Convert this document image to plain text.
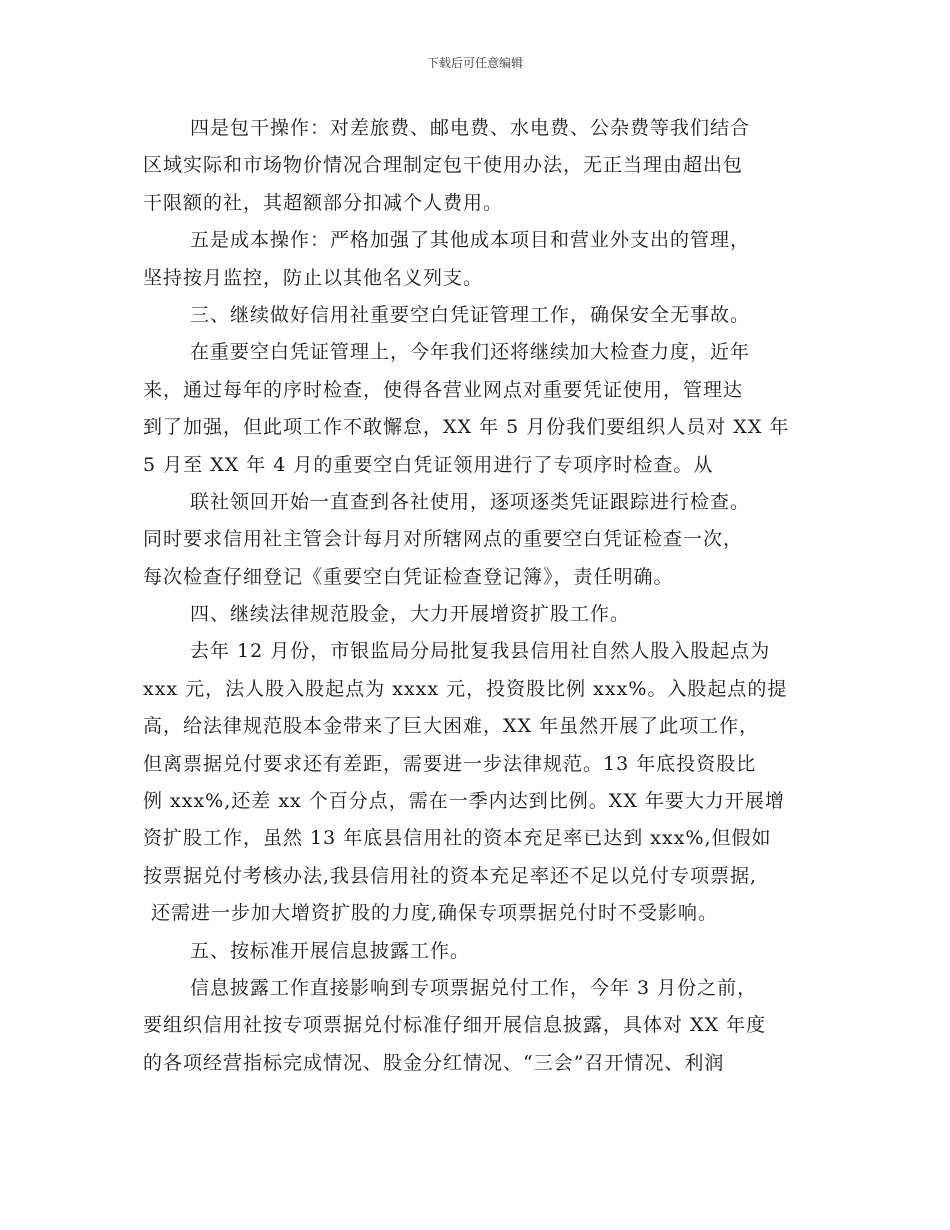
下载后可任意编辑
四是包干操作：对差旅费、邮电费、水电费、公杂费等我们结合
区域实际和市场物价情况合理制定包干使用办法，无正当理由超出包
干限额的社，其超额部分扣减个人费用。
五是成本操作：严格加强了其他成本项目和营业外支出的管理，
坚持按月监控，防止以其他名义列支。
三、继续做好信用社重要空白凭证管理工作，确保安全无事故。
在重要空白凭证管理上，今年我们还将继续加大检查力度，近年
来，通过每年的序时检查，使得各营业网点对重要凭证使用，管理达
到了加强，但此项工作不敢懈怠，XX 年 5 月份我们要组织人员对 XX 年
5 月至 XX 年 4 月的重要空白凭证领用进行了专项序时检查。从
联社领回开始一直查到各社使用，逐项逐类凭证跟踪进行检查。
同时要求信用社主管会计每月对所辖网点的重要空白凭证检查一次，
每次检查仔细登记《重要空白凭证检查登记簿》，责任明确。
四、继续法律规范股金，大力开展增资扩股工作。
去年 12 月份，市银监局分局批复我县信用社自然人股入股起点为
xxx 元，法人股入股起点为 xxxx 元，投资股比例 xxx%。入股起点的提
高，给法律规范股本金带来了巨大困难，XX 年虽然开展了此项工作，
但离票据兑付要求还有差距，需要进一步法律规范。13 年底投资股比
例 xxx%,还差 xx 个百分点，需在一季内达到比例。XX 年要大力开展增
资扩股工作，虽然 13 年底县信用社的资本充足率已达到 xxx%,但假如
按票据兑付考核办法,我县信用社的资本充足率还不足以兑付专项票据,
还需进一步加大增资扩股的力度,确保专项票据兑付时不受影响。
五、按标准开展信息披露工作。
信息披露工作直接影响到专项票据兑付工作，今年 3 月份之前，
要组织信用社按专项票据兑付标准仔细开展信息披露，具体对 XX 年度
的各项经营指标完成情况、股金分红情况、“三会”召开情况、利润
